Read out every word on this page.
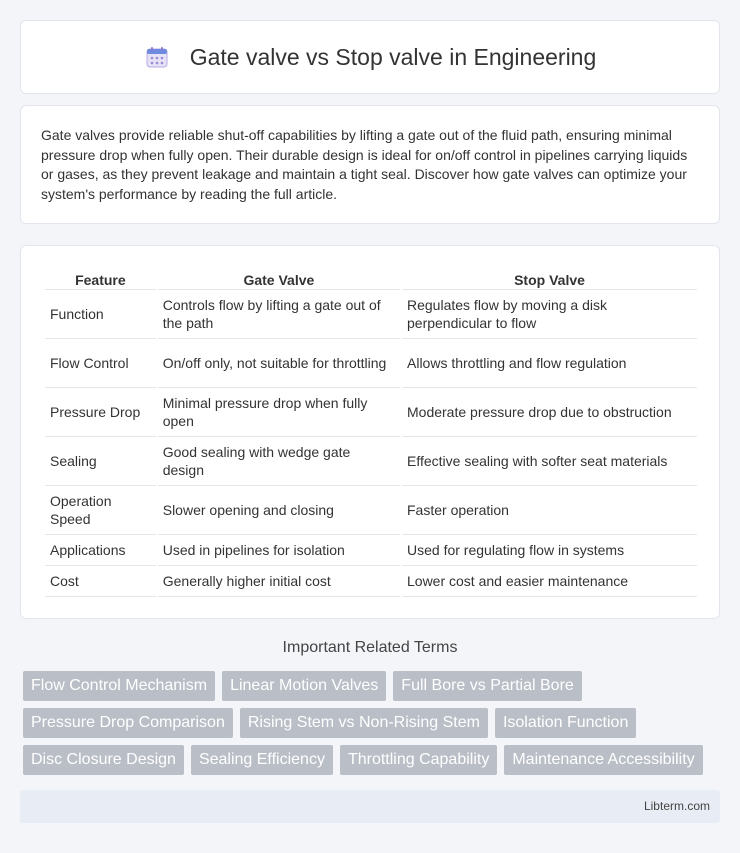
Gate valve vs Stop valve in Engineering

Gate valves provide reliable shut-off capabilities by lifting a gate out of the fluid path, ensuring minimal pressure drop when fully open. Their durable design is ideal for on/off control in pipelines carrying liquids or gases, as they prevent leakage and maintain a tight seal. Discover how gate valves can optimize your system's performance by reading the full article.

Feature	Gate Valve	Stop Valve
Function	Controls flow by lifting a gate out of the path	Regulates flow by moving a disk perpendicular to flow
Flow Control	On/off only, not suitable for throttling	Allows throttling and flow regulation
Pressure Drop	Minimal pressure drop when fully open	Moderate pressure drop due to obstruction
Sealing	Good sealing with wedge gate design	Effective sealing with softer seat materials
Operation Speed	Slower opening and closing	Faster operation
Applications	Used in pipelines for isolation	Used for regulating flow in systems
Cost	Generally higher initial cost	Lower cost and easier maintenance
Important Related Terms
Flow Control Mechanism	Linear Motion Valves	Full Bore vs Partial Bore
Pressure Drop Comparison	Rising Stem vs Non-Rising Stem	Isolation Function
Disc Closure Design	Sealing Efficiency	Throttling Capability	Maintenance Accessibility
Libterm.com
